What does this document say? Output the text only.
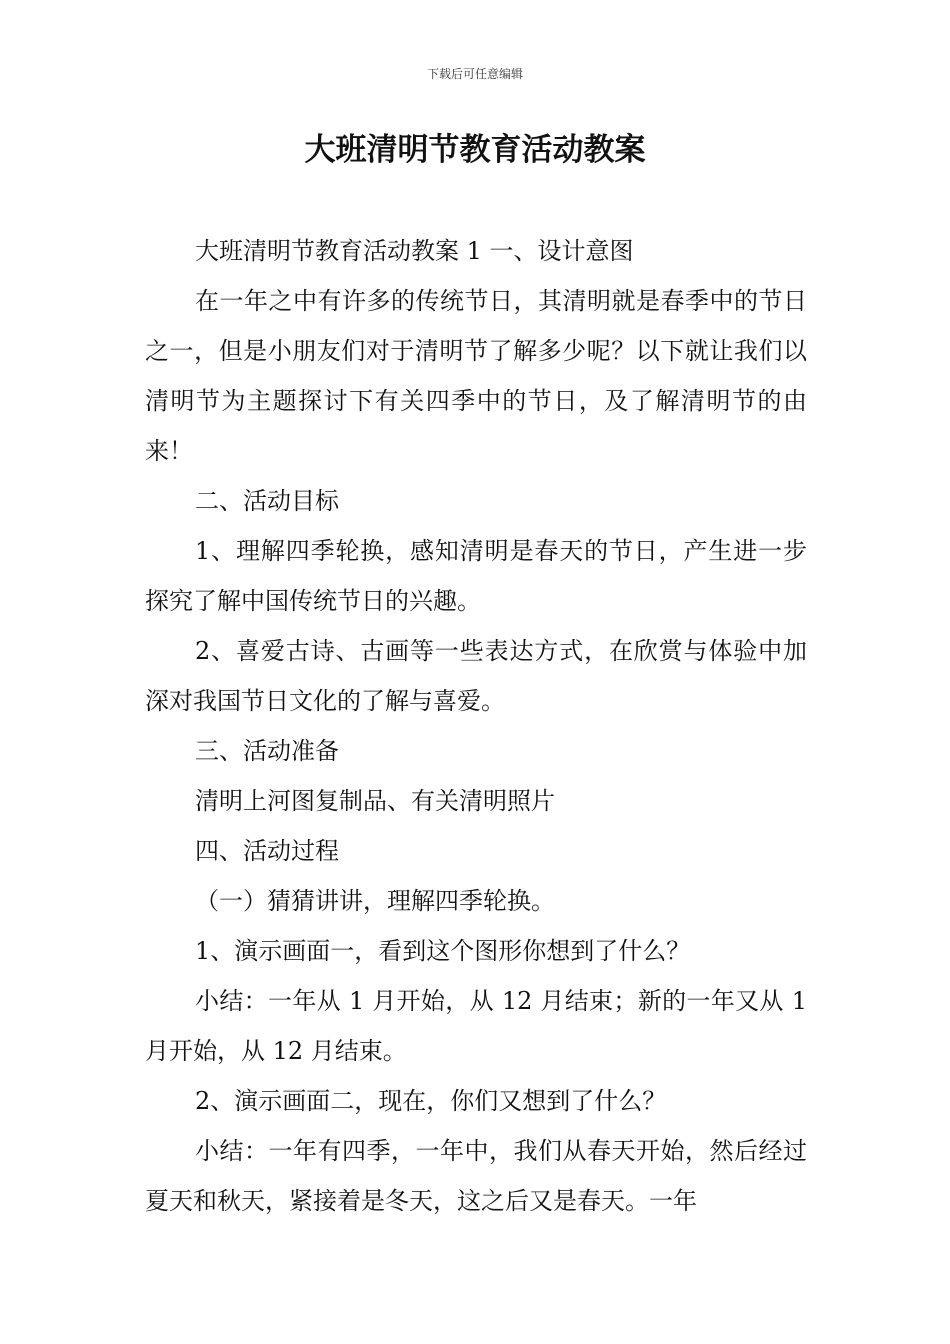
下载后可任意编辑
大班清明节教育活动教案

大班清明节教育活动教案 1 一、设计意图

在一年之中有许多的传统节日，其清明就是春季中的节日之一，但是小朋友们对于清明节了解多少呢？以下就让我们以清明节为主题探讨下有关四季中的节日，及了解清明节的由来！

二、活动目标

1、理解四季轮换，感知清明是春天的节日，产生进一步探究了解中国传统节日的兴趣。

2、喜爱古诗、古画等一些表达方式，在欣赏与体验中加深对我国节日文化的了解与喜爱。

三、活动准备

清明上河图复制品、有关清明照片

四、活动过程

（一）猜猜讲讲，理解四季轮换。

1、演示画面一，看到这个图形你想到了什么？

小结：一年从 1 月开始，从 12 月结束；新的一年又从 1 月开始，从 12 月结束。

2、演示画面二，现在，你们又想到了什么？

小结：一年有四季，一年中，我们从春天开始，然后经过夏天和秋天，紧接着是冬天，这之后又是春天。一年
